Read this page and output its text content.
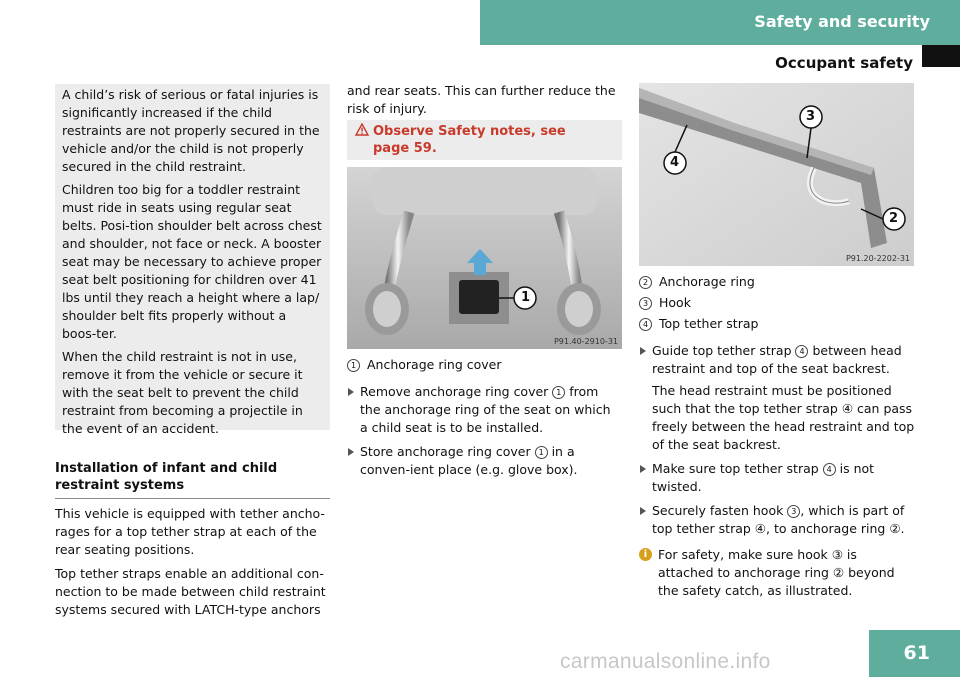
Safety and security
Occupant safety

A child’s risk of serious or fatal injuries is significantly increased if the child restraints are not properly secured in the vehicle and/or the child is not properly secured in the child restraint.

Children too big for a toddler restraint must ride in seats using regular seat belts. Posi-tion shoulder belt across chest and shoulder, not face or neck. A booster seat may be necessary to achieve proper seat belt positioning for children over 41 lbs until they reach a height where a lap/ shoulder belt fits properly without a boos-ter.

When the child restraint is not in use, remove it from the vehicle or secure it with the seat belt to prevent the child restraint from becoming a projectile in the event of an accident.

Installation of infant and child restraint systems

This vehicle is equipped with tether ancho-rages for a top tether strap at each of the rear seating positions.

Top tether straps enable an additional con-nection to be made between child restraint systems secured with LATCH-type anchors

and rear seats. This can further reduce the risk of injury.

Observe Safety notes, see
page 59.
1
P91.40-2910-31
1 Anchorage ring cover
Remove anchorage ring cover 1 from the anchorage ring of the seat on which a child seat is to be installed.
Store anchorage ring cover 1 in a conven-ient place (e.g. glove box).
3
4
2
P91.20-2202-31
2 Anchorage ring
3 Hook
4 Top tether strap
Guide top tether strap 4 between head restraint and top of the seat backrest.
The head restraint must be positioned such that the top tether strap ④ can pass freely between the head restraint and top of the seat backrest.
Make sure top tether strap 4 is not twisted.
Securely fasten hook 3 , which is part of top tether strap ④, to anchorage ring ②.
i For safety, make sure hook ③ is attached to anchorage ring ② beyond the safety catch, as illustrated.
carmanualsonline.info	61
